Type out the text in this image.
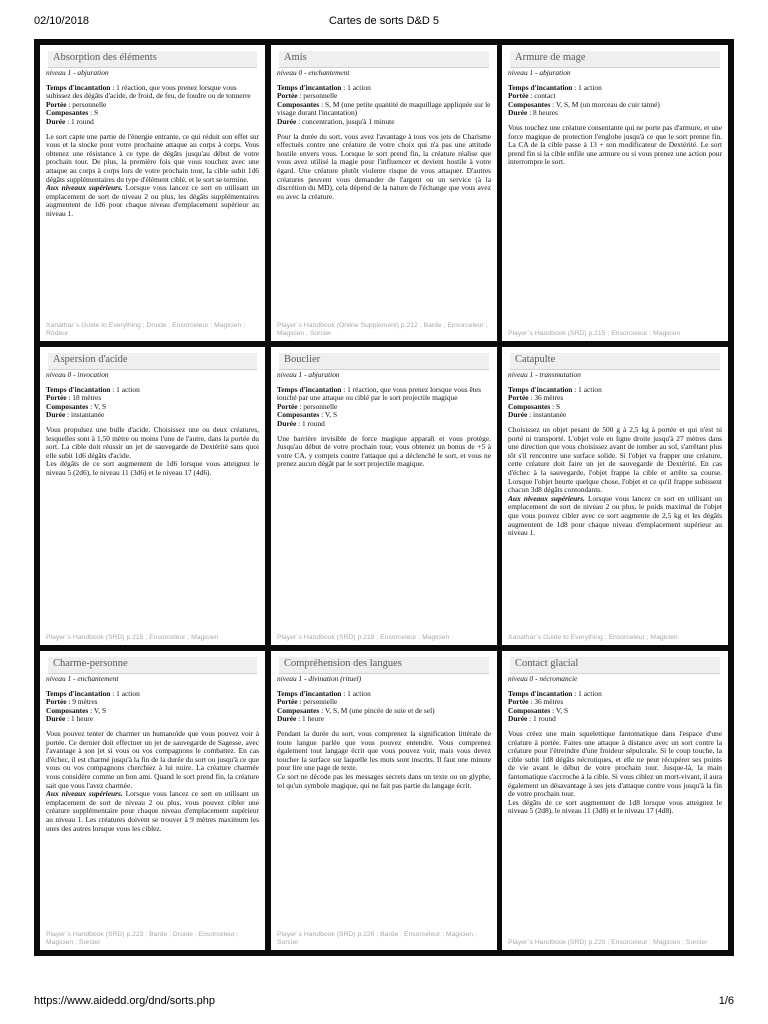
02/10/2018	Cartes de sorts D&D 5
Absorption des éléments
niveau 1 - abjuration
Temps d'incantation : 1 réaction, que vous prenez lorsque vous subissez des dégâts d'acide, de froid, de feu, de foudre ou de tonnerre
Portée : personnelle
Composantes : S
Durée : 1 round

Le sort capte une partie de l'énergie entrante, ce qui réduit son effet sur vous et la stocke pour votre prochaine attaque au corps à corps. Vous obtenez une résistance à ce type de dégâts jusqu'au début de votre prochain tour. De plus, la première fois que vous touchez avec une attaque au corps à corps lors de votre prochain tour, la cible subit 1d6 dégâts supplémentaires du type d'élément ciblé, et le sort se termine.

Aux niveaux supérieurs. Lorsque vous lancez ce sort en utilisant un emplacement de sort de niveau 2 ou plus, les dégâts supplémentaires augmentent de 1d6 pour chaque niveau d'emplacement supérieur au niveau 1.

Xanathar`s Guide to Everything ; Druide ; Ensorceleur ; Magicien ; Rôdeur
Amis
niveau 0 - enchantement
Temps d'incantation : 1 action
Portée : personnelle
Composantes : S, M (une petite quantité de maquillage appliquée sur le visage durant l'incantation)
Durée : concentration, jusqu'à 1 minute

Pour la durée du sort, vous avez l'avantage à tous vos jets de Charisme effectués contre une créature de votre choix qui n'a pas une attitude hostile envers vous. Lorsque le sort prend fin, la créature réalise que vous avez utilisé la magie pour l'influencer et devient hostile à votre égard. Une créature plutôt violente risque de vous attaquer. D'autres créatures peuvent vous demander de l'argent ou un service (à la discrétion du MD), cela dépend de la nature de l'échange que vous avez eu avec la créature.

Player`s Handbook (Online Supplement) p.212 ; Barde ; Ensorceleur ; Magicien ; Sorcier
Armure de mage
niveau 1 - abjuration
Temps d'incantation : 1 action
Portée : contact
Composantes : V, S, M (un morceau de cuir tanné)
Durée : 8 heures

Vous touchez une créature consentante qui ne porte pas d'armure, et une force magique de protection l'englobe jusqu'à ce que le sort prenne fin. La CA de la cible passe à 13 + son modificateur de Dextérité. Le sort prend fin si la cible enfile une armure ou si vous prenez une action pour interrompre le sort.

Player`s Handbook (SRD) p.215 ; Ensorceleur ; Magicien
Aspersion d'acide
niveau 0 - invocation
Temps d'incantation : 1 action
Portée : 18 mètres
Composantes : V, S
Durée : instantanée

Vous propulsez une bulle d'acide. Choisissez une ou deux créatures, lesquelles sont à 1,50 mètre ou moins l'une de l'autre, dans la portée du sort. La cible doit réussir un jet de sauvegarde de Dextérité sans quoi elle subit 1d6 dégâts d'acide.
Les dégâts de ce sort augmentent de 1d6 lorsque vous atteignez le niveau 5 (2d6), le niveau 11 (3d6) et le niveau 17 (4d6).

Player`s Handbook (SRD) p.215 ; Ensorceleur ; Magicien
Bouclier
niveau 1 - abjuration
Temps d'incantation : 1 réaction, que vous prenez lorsque vous êtes touché par une attaque ou ciblé par le sort projectile magique
Portée : personnelle
Composantes : V, S
Durée : 1 round

Une barrière invisible de force magique apparaît et vous protège. Jusqu'au début de votre prochain tour, vous obtenez un bonus de +5 à votre CA, y compris contre l'attaque qui a déclenché le sort, et vous ne prenez aucun dégât par le sort projectile magique.

Player`s Handbook (SRD) p.218 ; Ensorceleur ; Magicien
Catapulte
niveau 1 - transmutation
Temps d'incantation : 1 action
Portée : 36 mètres
Composantes : S
Durée : instantanée

Choisissez un objet pesant de 500 g à 2,5 kg à portée et qui n'est ni porté ni transporté. L'objet vole en ligne droite jusqu'à 27 mètres dans une direction que vous choisissez avant de tomber au sol, s'arrêtant plus tôt s'il rencontre une surface solide. Si l'objet va frapper une créature, cette créature doit faire un jet de sauvegarde de Dextérité. En cas d'échec à la sauvegarde, l'objet frappe la cible et arrête sa course. Lorsque l'objet heurte quelque chose, l'objet et ce qu'il frappe subissent chacun 3d8 dégâts contondants.

Aux niveaux supérieurs. Lorsque vous lancez ce sort en utilisant un emplacement de sort de niveau 2 ou plus, le poids maximal de l'objet que vous pouvez cibler avec ce sort augmente de 2,5 kg et les dégâts augmentent de 1d8 pour chaque niveau d'emplacement supérieur au niveau 1.

Xanathar`s Guide to Everything ; Ensorceleur ; Magicien
Charme-personne
niveau 1 - enchantement
Temps d'incantation : 1 action
Portée : 9 mètres
Composantes : V, S
Durée : 1 heure

Vous pouvez tenter de charmer un humanoïde que vous pouvez voir à portée. Ce dernier doit effectuer un jet de sauvegarde de Sagesse, avec l'avantage à son jet si vous ou vos compagnons le combattez. En cas d'échec, il est charmé jusqu'à la fin de la durée du sort ou jusqu'à ce que vous ou vos compagnons cherchiez à lui nuire. La créature charmée vous considère comme un bon ami. Quand le sort prend fin, la créature sait que vous l'avez charmée.

Aux niveaux supérieurs. Lorsque vous lancez ce sort en utilisant un emplacement de sort de niveau 2 ou plus, vous pouvez cibler une créature supplémentaire pour chaque niveau d'emplacement supérieur au niveau 1. Les créatures doivent se trouver à 9 mètres maximum les unes des autres lorsque vous les ciblez.

Player`s Handbook (SRD) p.223 ; Barde ; Druide ; Ensorceleur ; Magicien ; Sorcier
Compréhension des langues
niveau 1 - divination (rituel)
Temps d'incantation : 1 action
Portée : personnelle
Composantes : V, S, M (une pincée de suie et de sel)
Durée : 1 heure

Pendant la durée du sort, vous comprenez la signification littérale de toute langue parlée que vous pouvez entendre. Vous comprenez également tout langage écrit que vous pouvez voir, mais vous devez toucher la surface sur laquelle les mots sont inscrits. Il faut une minute pour lire une page de texte.
Ce sort ne décode pas les messages secrets dans un texte ou un glyphe, tel qu'un symbole magique, qui ne fait pas partie du langage écrit.

Player`s Handbook (SRD) p.226 ; Barde ; Ensorceleur ; Magicien ; Sorcier
Contact glacial
niveau 0 - nécromancie
Temps d'incantation : 1 action
Portée : 36 mètres
Composantes : V, S
Durée : 1 round

Vous créez une main squelettique fantomatique dans l'espace d'une créature à portée. Faites une attaque à distance avec un sort contre la créature pour l'étreindre d'une froideur sépulcrale. Si le coup touche, la cible subit 1d8 dégâts nécrotiques, et elle ne peut récupérer ses points de vie avant le début de votre prochain tour. Jusque-là, la main fantomatique s'accroche à la cible. Si vous ciblez un mort-vivant, il aura également un désavantage à ses jets d'attaque contre vous jusqu'à la fin de votre prochain tour.
Les dégâts de ce sort augmentent de 1d8 lorsque vous atteignez le niveau 5 (2d8), le niveau 11 (3d8) et le niveau 17 (4d8).

Player`s Handbook (SRD) p.220 ; Ensorceleur ; Magicien ; Sorcier
https://www.aidedd.org/dnd/sorts.php	1/6
